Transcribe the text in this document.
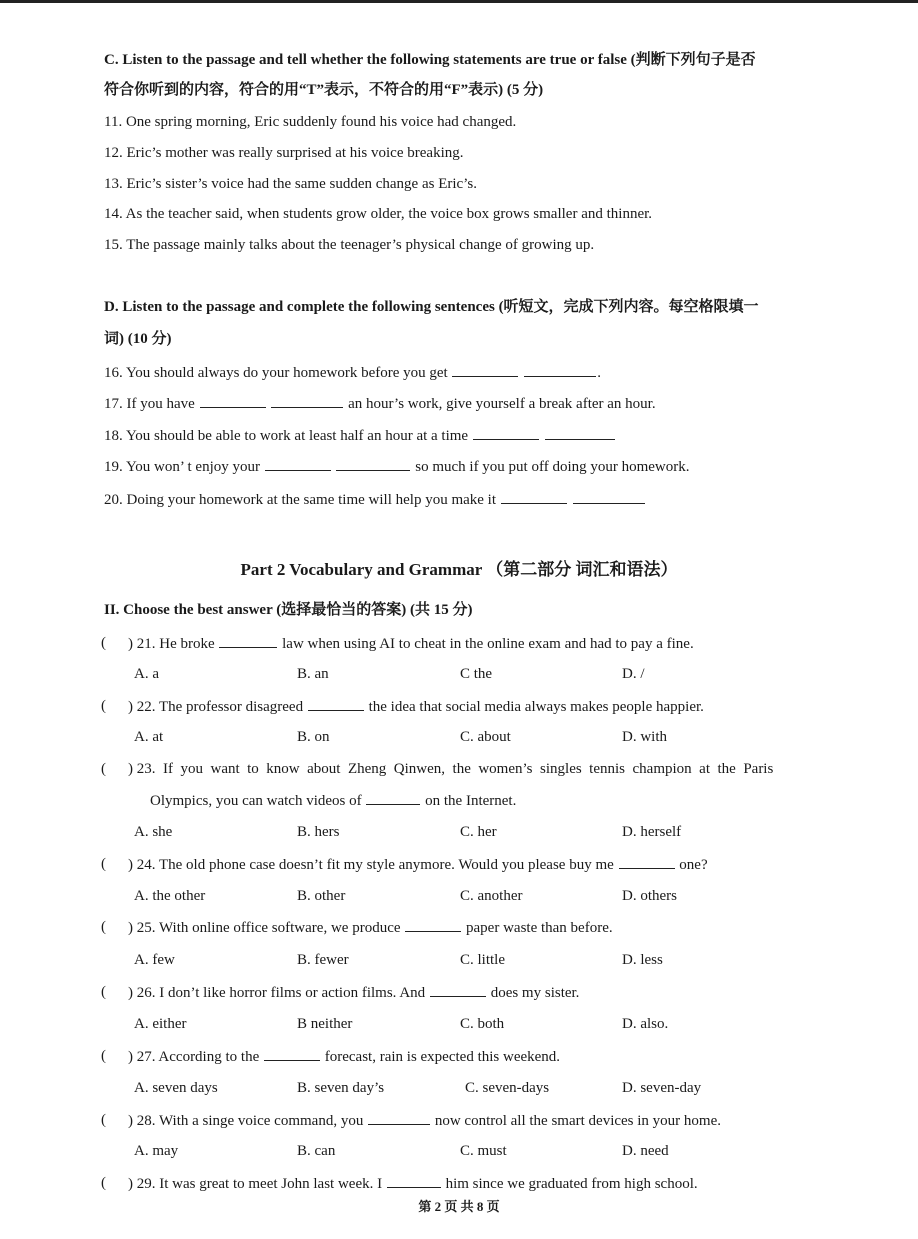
C. Listen to the passage and tell whether the following statements are true or false (判断下列句子是否
符合你听到的内容，符合的用“T”表示，不符合的用“F”表示) (5 分)
11. One spring morning, Eric suddenly found his voice had changed.
12. Eric’s mother was really surprised at his voice breaking.
13. Eric’s sister’s voice had the same sudden change as Eric’s.
14. As the teacher said, when students grow older, the voice box grows smaller and thinner.
15. The passage mainly talks about the teenager’s physical change of growing up.
D. Listen to the passage and complete the following sentences (听短文，完成下列内容。每空格限填一
词) (10 分)
16. You should always do your homework before you get	.
17. If you have	an hour’s work, give yourself a break after an hour.
18. You should be able to work at least half an hour at a time
19. You won’ t enjoy your	so much if you put off doing your homework.
20. Doing your homework at the same time will help you make it
Part 2 Vocabulary and Grammar （第二部分 词汇和语法）
II. Choose the best answer (选择最恰当的答案) (共 15 分)
( ) 21. He broke	law when using AI to cheat in the online exam and had to pay a fine.
A. a	B. an	C the	D. /
( ) 22. The professor disagreed	the idea that social media always makes people happier.
A. at	B. on	C. about	D. with
( ) 23.  If  you  want  to  know  about  Zheng  Qinwen,  the  women’s  singles  tennis  champion  at  the  Paris
Olympics, you can watch videos of	on the Internet.
A. she	B. hers	C. her	D. herself
( ) 24. The old phone case doesn’t fit my style anymore. Would you please buy me	one?
A. the other	B. other	C. another	D. others
( ) 25. With online office software, we produce	paper waste than before.
A. few	B. fewer	C. little	D. less
( ) 26. I don’t like horror films or action films. And	does my sister.
A. either	B neither	C. both	D. also.
( ) 27. According to the	forecast, rain is expected this weekend.
A. seven days	B. seven day’s	C. seven-days	D. seven-day
( ) 28. With a singe voice command, you	now control all the smart devices in your home.
A. may	B. can	C. must	D. need
( ) 29. It was great to meet John last week. I	him since we graduated from high school.
第 2 页 共 8 页
